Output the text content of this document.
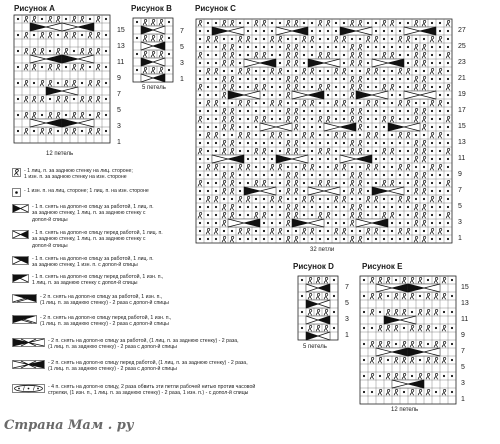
Рисунок A
15
13
11
9
7
5
3
1
12 петель
Рисунок B
7
5
3
1
5 петель
Рисунок C
27
25
23
21
19
17
15
13
11
9
7
5
3
1
32 петли
Рисунок D
7
5
3
1
5 петель
Рисунок E
15
13
11
9
7
5
3
1
12 петель
- 1 лиц. п. за заднюю стенку на лиц. стороне;
1 изн. п. за заднюю стенку на изн. стороне
- 1 изн. п. на лиц. стороне; 1 лиц. п. на изн. стороне
- 1 п. снять на допол-ю спицу за работой, 1 лиц. п.
за заднюю стенку, 1 лиц. п. за заднюю стенку с
допол-й спицы
- 1 п. снять на допол-ю спицу перед работой, 1 лиц. п.
за заднюю стенку, 1 лиц. п. за заднюю стенку с
допол-й спицы
- 1 п. снять на допол-ю спицу за работой, 1 лиц. п.
за заднюю стенку, 1 изн. п. с допол-й спицы
- 1 п. снять на допол-ю спицу перед работой, 1 изн. п.,
1 лиц. п. за заднюю стенку с допол-й спицы
- 2 п. снять на допол-ю спицу за работой, 1 изн. п.,
(1 лиц. п. за заднюю стенку) - 2 раза с допол-й спицы
- 2 п. снять на допол-ю спицу перед работой, 1 изн. п.,
(1 лиц. п. за заднюю стенку) - 2 раза с допол-й спицы
- 2 п. снять на допол-ю спицу за работой, (1 лиц. п. за заднюю стенку) - 2 раза,
(1 лиц. п. за заднюю стенку) - 2 раза с допол-й спицы
- 2 п. снять на допол-ю спицу перед работой, (1 лиц. п. за заднюю стенку) - 2 раза,
(1 лиц. п. за заднюю стенку) - 2 раза с допол-й спицы
- 4 п. снять на допол-ю спицу, 2 раза обвить эти петли рабочей нитью против часовой
стрелки, (1 изн. п., 1 лиц. п. за заднюю стенку) - 2 раза, 1 изн. п.) - с допол-й спицы
Страна Мам . ру
